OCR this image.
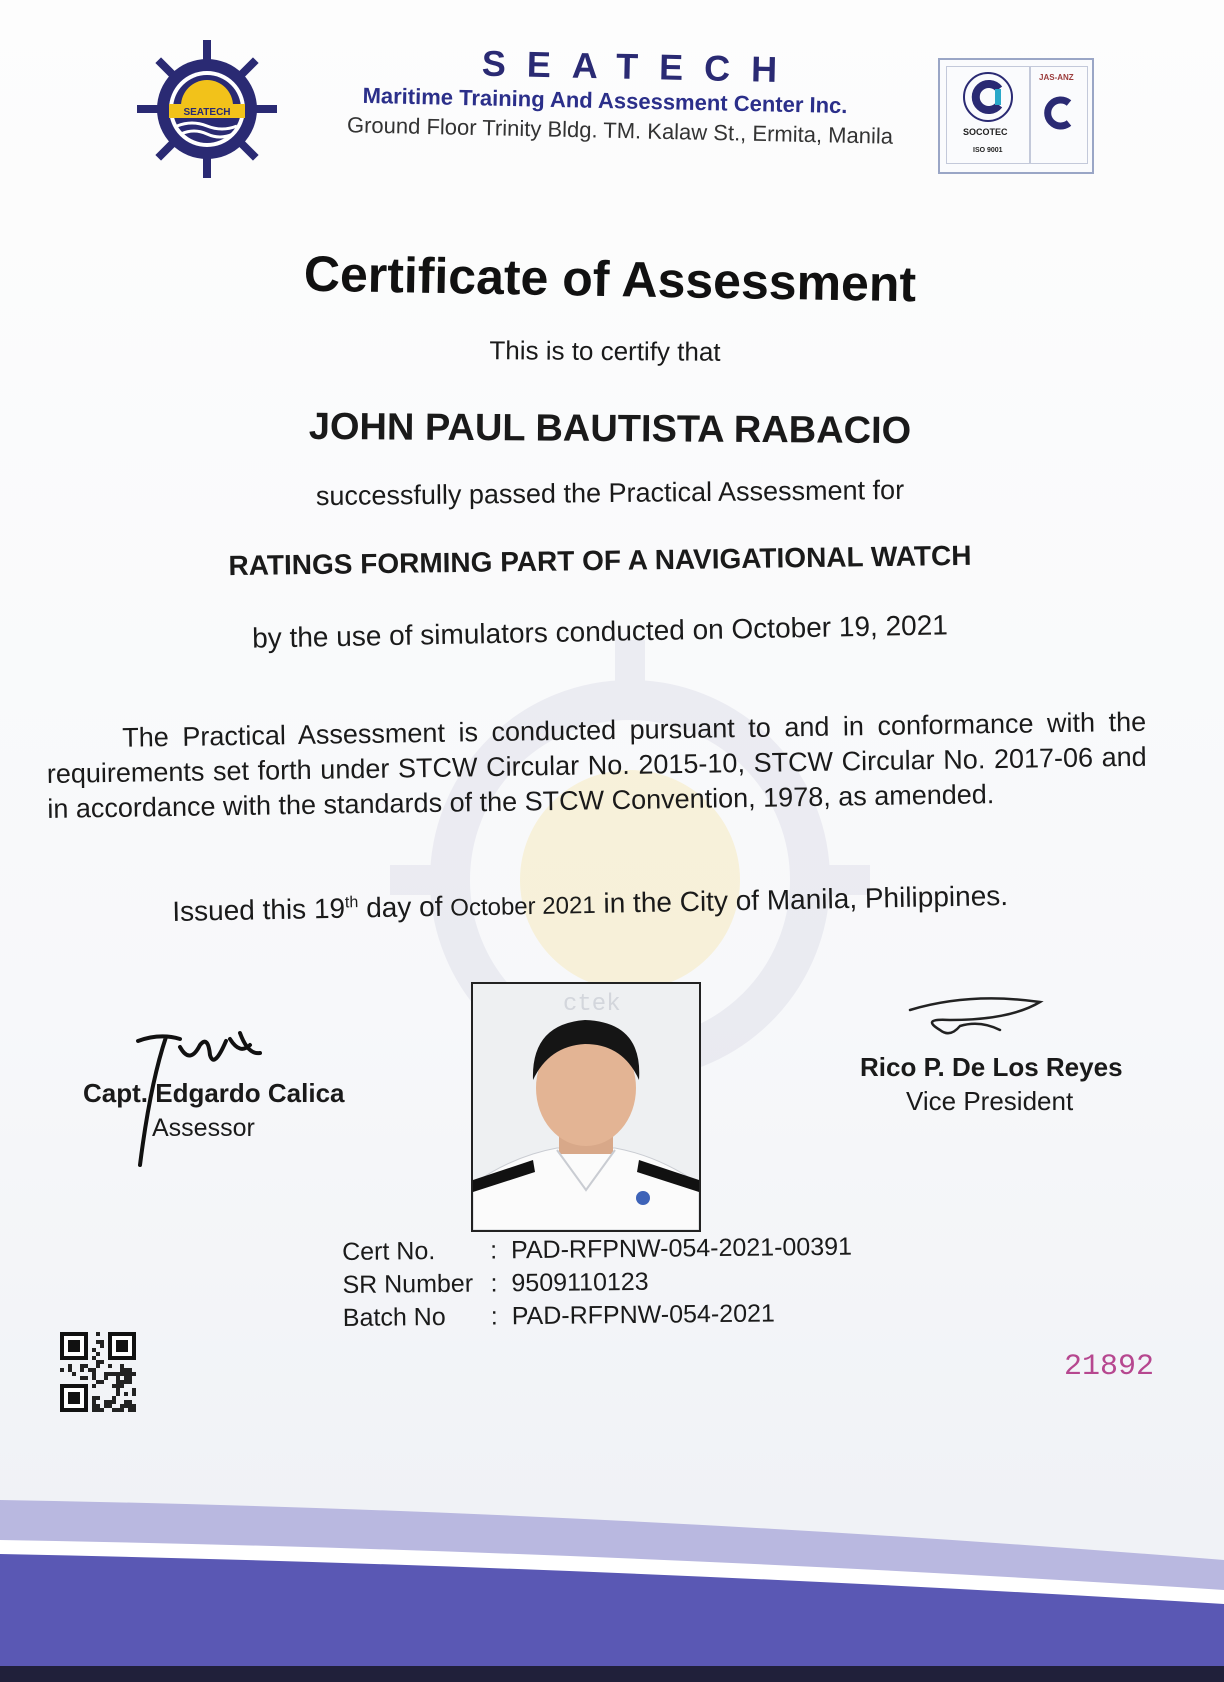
SEATECH
SEATECH
Maritime Training And Assessment Center Inc.
Ground Floor Trinity Bldg. TM. Kalaw St., Ermita, Manila	SOCOTEC
ISO 9001
JAS-ANZ
Certificate of Assessment
This is to certify that
JOHN PAUL BAUTISTA RABACIO
successfully passed the Practical Assessment for
RATINGS FORMING PART OF A NAVIGATIONAL WATCH
by the use of simulators conducted on October 19, 2021
The Practical Assessment is conducted pursuant to and in conformance with the requirements set forth under STCW Circular No. 2015-10, STCW Circular No. 2017-06 and in accordance with the standards of the STCW Convention, 1978, as amended.
Issued this 19th day of October 2021 in the City of Manila, Philippines.
Capt. Edgardo Calica
Assessor
ctek
Rico P. De Los Reyes
Vice President
Cert No. : PAD-RFPNW-054-2021-00391
SR Number : 9509110123
Batch No : PAD-RFPNW-054-2021
21892
